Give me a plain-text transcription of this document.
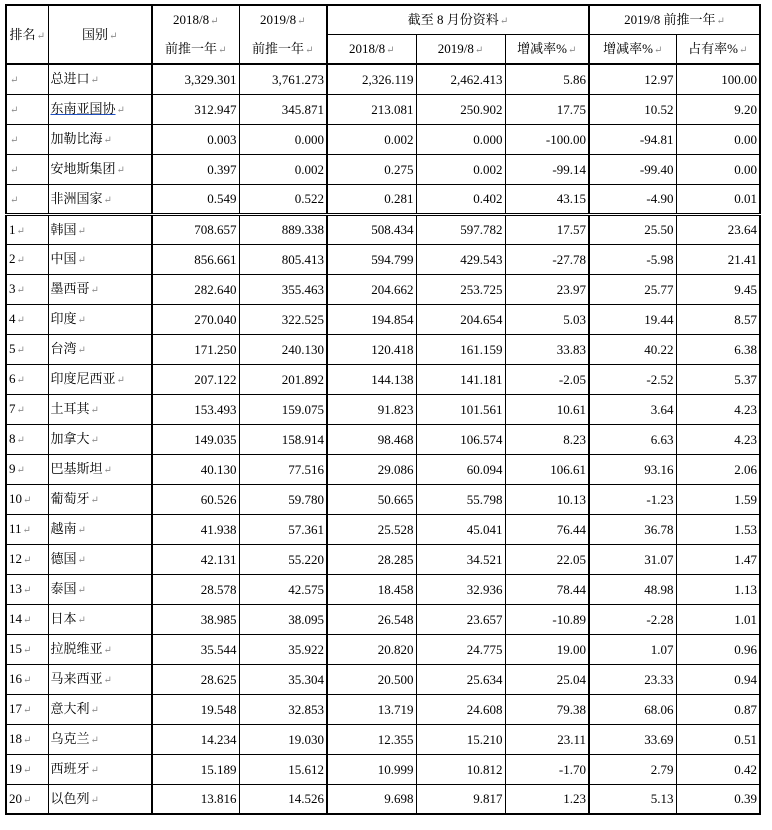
排名↵	国别↵	2018/8↵	2019/8↵	截至 8 月份资料↵			2019/8 前推一年↵	
		前推一年↵	前推一年↵	2018/8↵	2019/8↵	增减率%↵	增减率%↵	占有率%↵
↵	总进口↵	3,329.301	3,761.273	2,326.119	2,462.413	5.86	12.97	100.00
↵	东南亚国协↵	312.947	345.871	213.081	250.902	17.75	10.52	9.20
↵	加勒比海↵	0.003	0.000	0.002	0.000	-100.00	-94.81	0.00
↵	安地斯集团↵	0.397	0.002	0.275	0.002	-99.14	-99.40	0.00
↵	非洲国家↵	0.549	0.522	0.281	0.402	43.15	-4.90	0.01
1↵	韩国↵	708.657	889.338	508.434	597.782	17.57	25.50	23.64
2↵	中国↵	856.661	805.413	594.799	429.543	-27.78	-5.98	21.41
3↵	墨西哥↵	282.640	355.463	204.662	253.725	23.97	25.77	9.45
4↵	印度↵	270.040	322.525	194.854	204.654	5.03	19.44	8.57
5↵	台湾↵	171.250	240.130	120.418	161.159	33.83	40.22	6.38
6↵	印度尼西亚↵	207.122	201.892	144.138	141.181	-2.05	-2.52	5.37
7↵	土耳其↵	153.493	159.075	91.823	101.561	10.61	3.64	4.23
8↵	加拿大↵	149.035	158.914	98.468	106.574	8.23	6.63	4.23
9↵	巴基斯坦↵	40.130	77.516	29.086	60.094	106.61	93.16	2.06
10↵	葡萄牙↵	60.526	59.780	50.665	55.798	10.13	-1.23	1.59
11↵	越南↵	41.938	57.361	25.528	45.041	76.44	36.78	1.53
12↵	德国↵	42.131	55.220	28.285	34.521	22.05	31.07	1.47
13↵	泰国↵	28.578	42.575	18.458	32.936	78.44	48.98	1.13
14↵	日本↵	38.985	38.095	26.548	23.657	-10.89	-2.28	1.01
15↵	拉脱维亚↵	35.544	35.922	20.820	24.775	19.00	1.07	0.96
16↵	马来西亚↵	28.625	35.304	20.500	25.634	25.04	23.33	0.94
17↵	意大利↵	19.548	32.853	13.719	24.608	79.38	68.06	0.87
18↵	乌克兰↵	14.234	19.030	12.355	15.210	23.11	33.69	0.51
19↵	西班牙↵	15.189	15.612	10.999	10.812	-1.70	2.79	0.42
20↵	以色列↵	13.816	14.526	9.698	9.817	1.23	5.13	0.39
